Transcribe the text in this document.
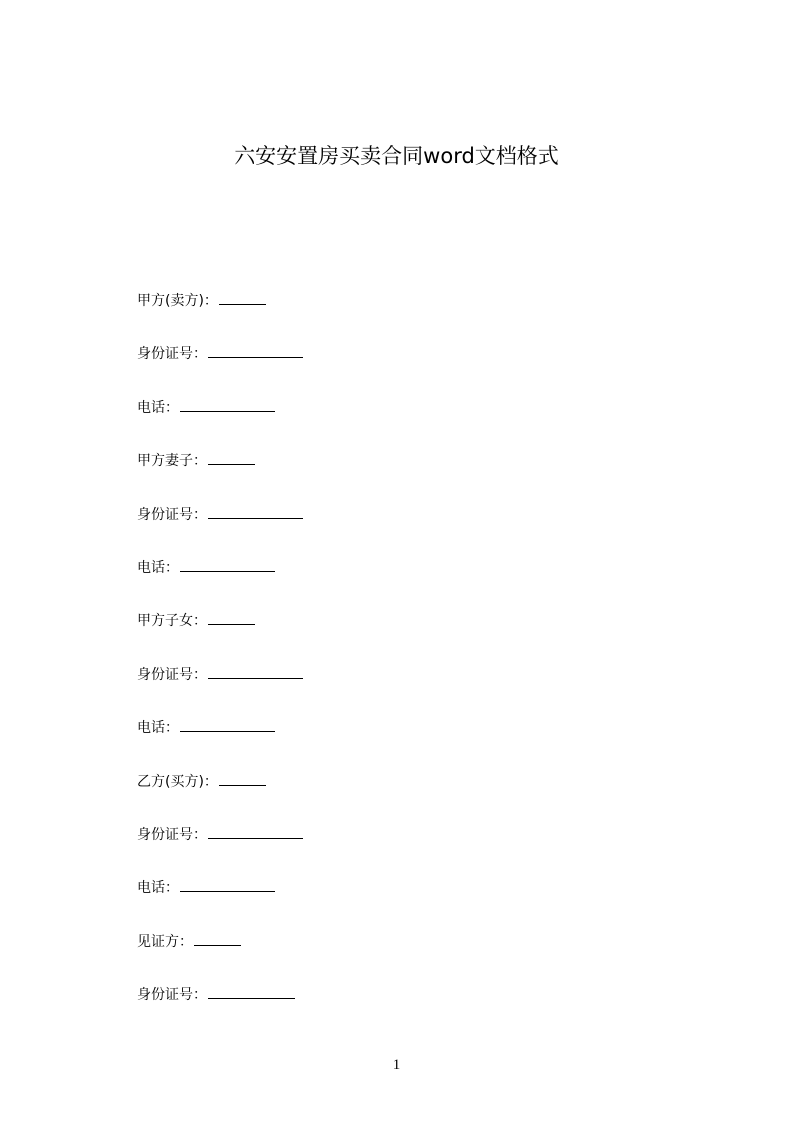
六安安置房买卖合同word文档格式
甲方(卖方)：
身份证号：
电话：
甲方妻子：
身份证号：
电话：
甲方子女：
身份证号：
电话：
乙方(买方)：
身份证号：
电话：
见证方：
身份证号：
1
